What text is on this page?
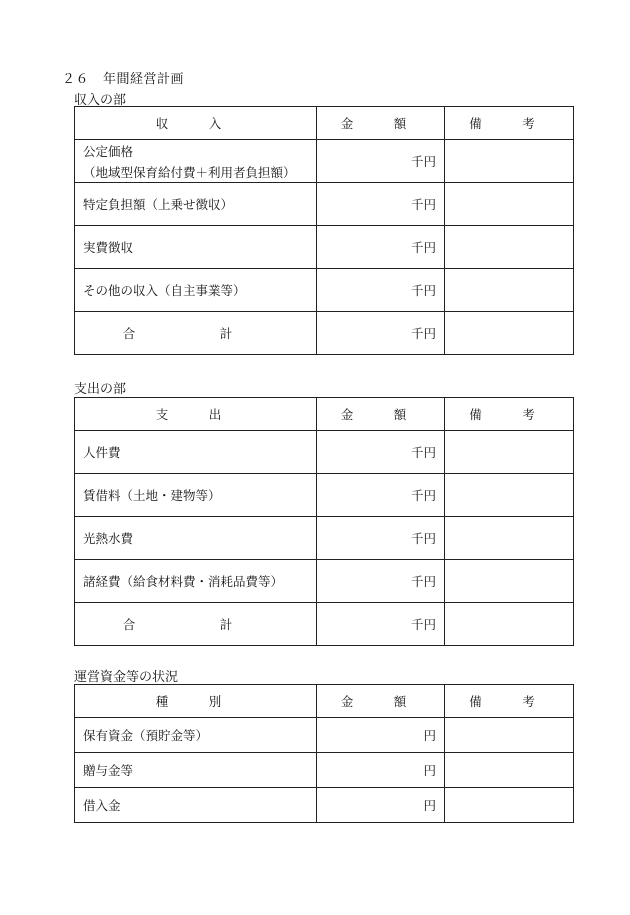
２６ 年間経営計画
収入の部
収　入	金　額	備　考
公定価格
（地域型保育給付費＋利用者負担額）	千円	
特定負担額（上乗せ徴収）	千円	
実費徴収	千円	
その他の収入（自主事業等）	千円	
合　計	千円	
支出の部
支　出	金　額	備　考
人件費	千円	
賃借料（土地・建物等）	千円	
光熱水費	千円	
諸経費（給食材料費・消耗品費等）	千円	
合　計	千円	
運営資金等の状況
種　別	金　額	備　考
保有資金（預貯金等）	円	
贈与金等	円	
借入金	円	
